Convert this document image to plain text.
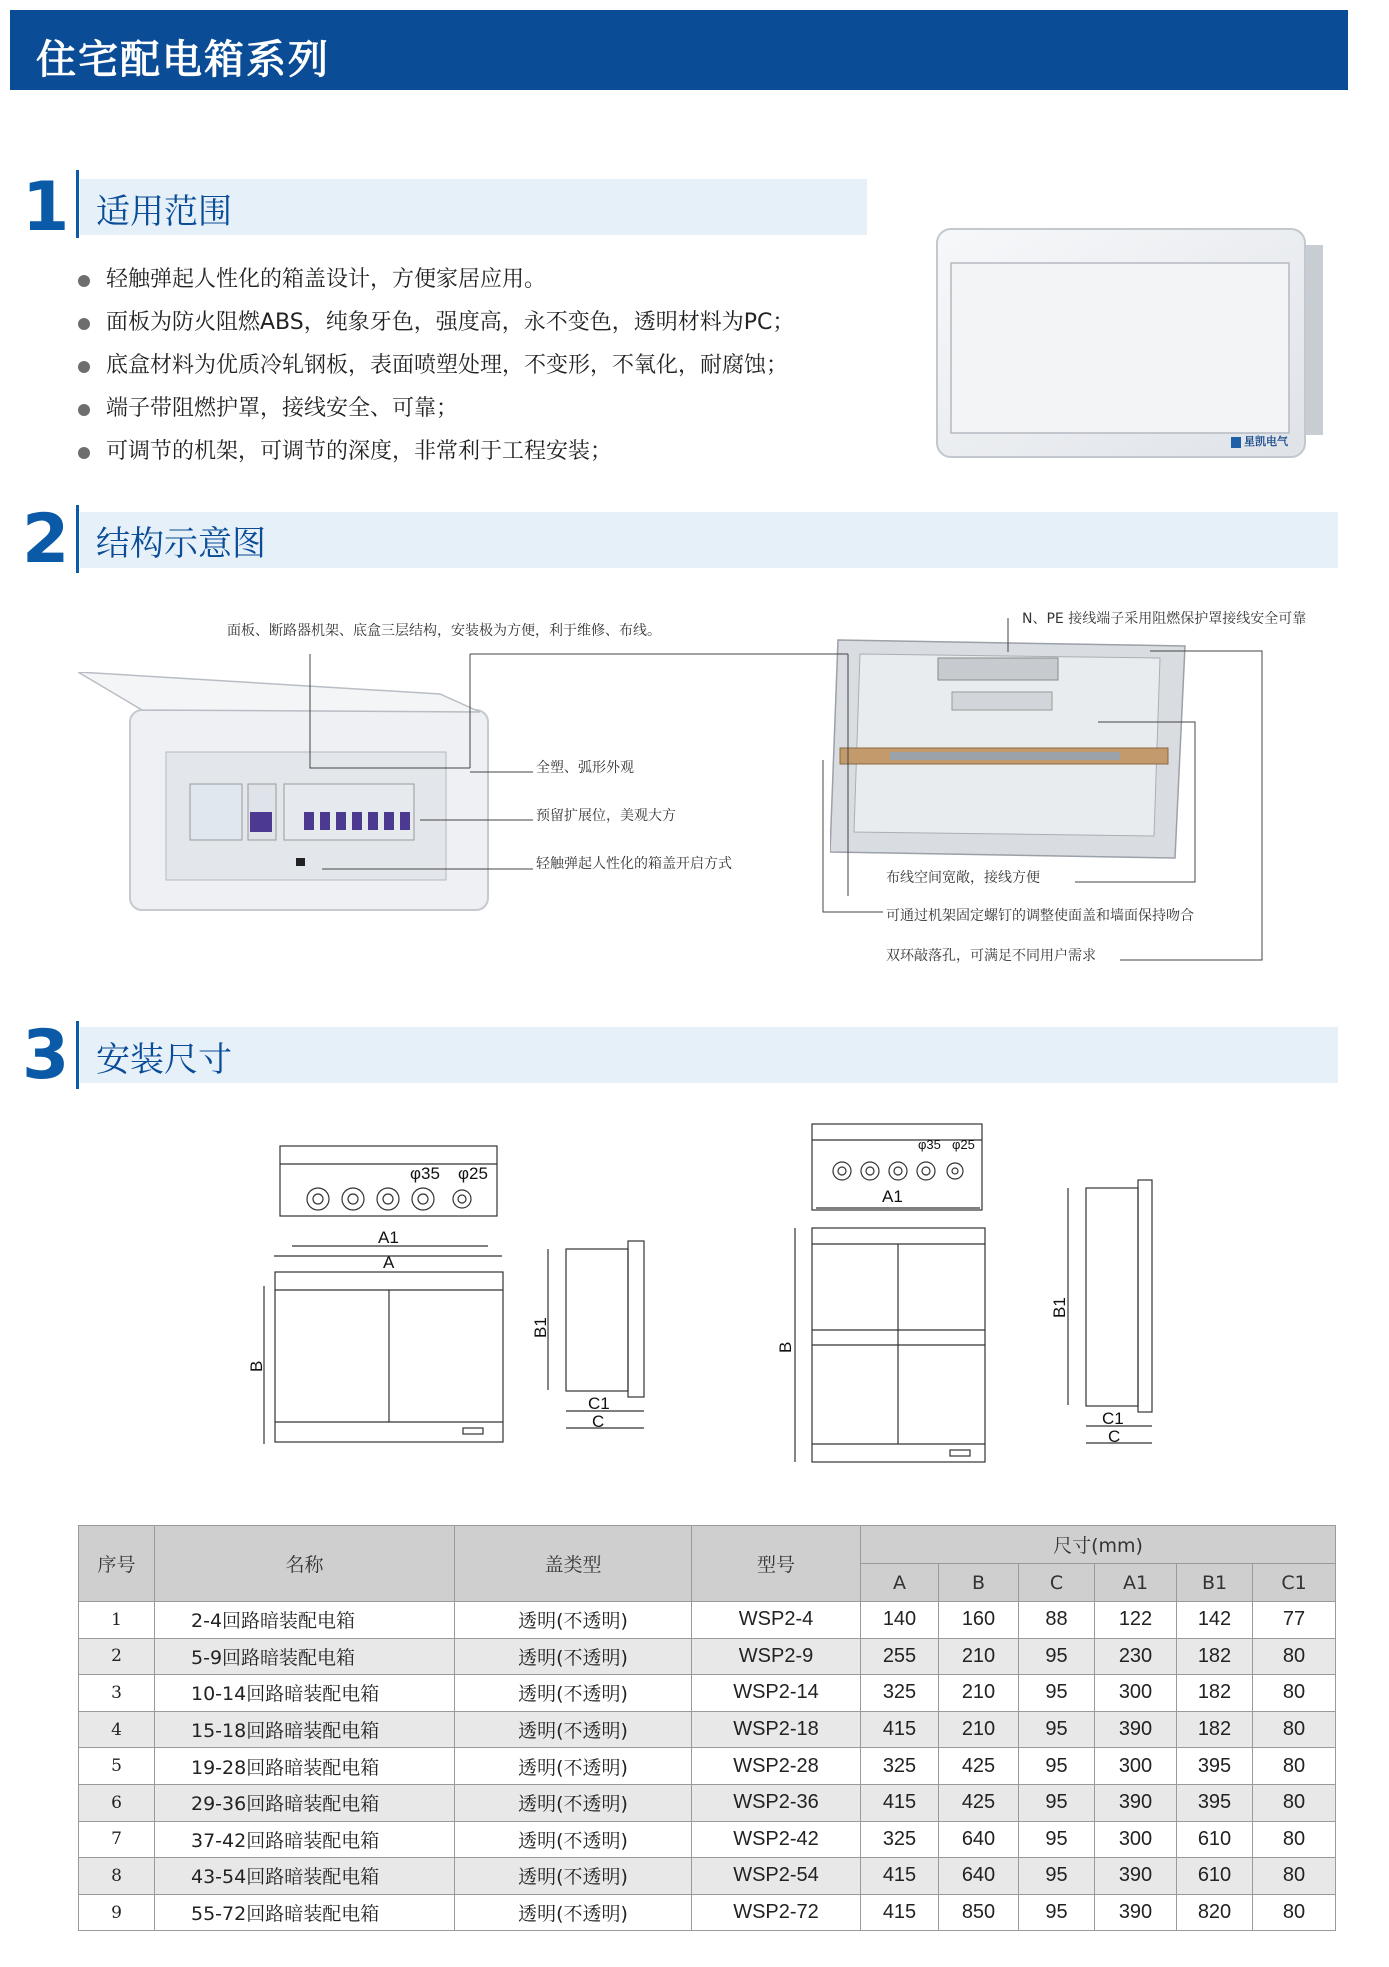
住宅配电箱系列
1 适用范围
轻触弹起人性化的箱盖设计，方便家居应用。
面板为防火阻燃ABS，纯象牙色，强度高，永不变色，透明材料为PC；
底盒材料为优质冷轧钢板，表面喷塑处理，不变形，不氧化，耐腐蚀；
端子带阻燃护罩，接线安全、可靠；
可调节的机架，可调节的深度，非常利于工程安装；	星凯电气
2 结构示意图
面板、断路器机架、底盒三层结构，安装极为方便，利于维修、布线。
N、PE 接线端子采用阻燃保护罩接线安全可靠
全塑、弧形外观
预留扩展位，美观大方
轻触弹起人性化的箱盖开启方式
布线空间宽敞，接线方便
可通过机架固定螺钉的调整使面盖和墙面保持吻合
双环敲落孔，可满足不同用户需求
3 安装尺寸
φ35 φ25
A1
A
B
B1
C1
C
φ35 φ25
A1
B
B1
C1
C
序号	名称	盖类型	型号	尺寸(mm)					
				A	B	C	A1	B1	C1
1	2-4回路暗装配电箱	透明(不透明)	WSP2-4	140	160	88	122	142	77
2	5-9回路暗装配电箱	透明(不透明)	WSP2-9	255	210	95	230	182	80
3	10-14回路暗装配电箱	透明(不透明)	WSP2-14	325	210	95	300	182	80
4	15-18回路暗装配电箱	透明(不透明)	WSP2-18	415	210	95	390	182	80
5	19-28回路暗装配电箱	透明(不透明)	WSP2-28	325	425	95	300	395	80
6	29-36回路暗装配电箱	透明(不透明)	WSP2-36	415	425	95	390	395	80
7	37-42回路暗装配电箱	透明(不透明)	WSP2-42	325	640	95	300	610	80
8	43-54回路暗装配电箱	透明(不透明)	WSP2-54	415	640	95	390	610	80
9	55-72回路暗装配电箱	透明(不透明)	WSP2-72	415	850	95	390	820	80
